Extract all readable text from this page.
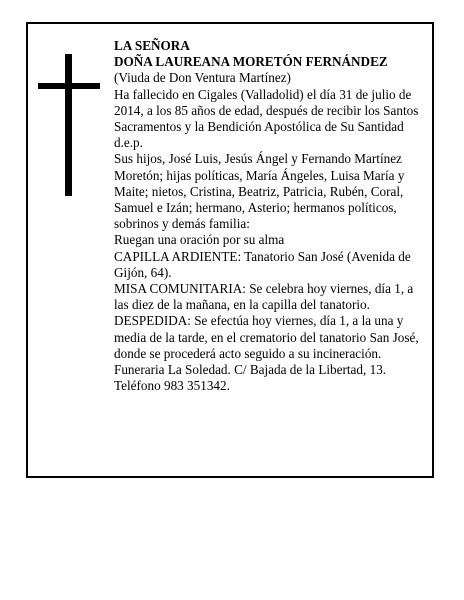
LA SEÑORA

DOÑA LAUREANA MORETÓN FERNÁNDEZ

(Viuda de Don Ventura Martínez)

Ha fallecido en Cigales (Valladolid) el día 31 de julio de 2014, a los 85 años de edad, después de recibir los Santos Sacramentos y la Bendición Apostólica de Su Santidad

d.e.p.

Sus hijos, José Luis, Jesús Ángel y Fernando Martínez Moretón; hijas políticas, María Ángeles, Luisa María y Maite; nietos, Cristina, Beatriz, Patricia, Rubén, Coral, Samuel e Izán; hermano, Asterio; hermanos políticos, sobrinos y demás familia:

Ruegan una oración por su alma

CAPILLA ARDIENTE: Tanatorio San José (Avenida de Gijón, 64).

MISA COMUNITARIA: Se celebra hoy viernes, día 1, a las diez de la mañana, en la capilla del tanatorio.

DESPEDIDA: Se efectúa hoy viernes, día 1, a la una y media de la tarde, en el crematorio del tanatorio San José, donde se procederá acto seguido a su incineración.

Funeraria La Soledad. C/ Bajada de la Libertad, 13. Teléfono 983 351342.
